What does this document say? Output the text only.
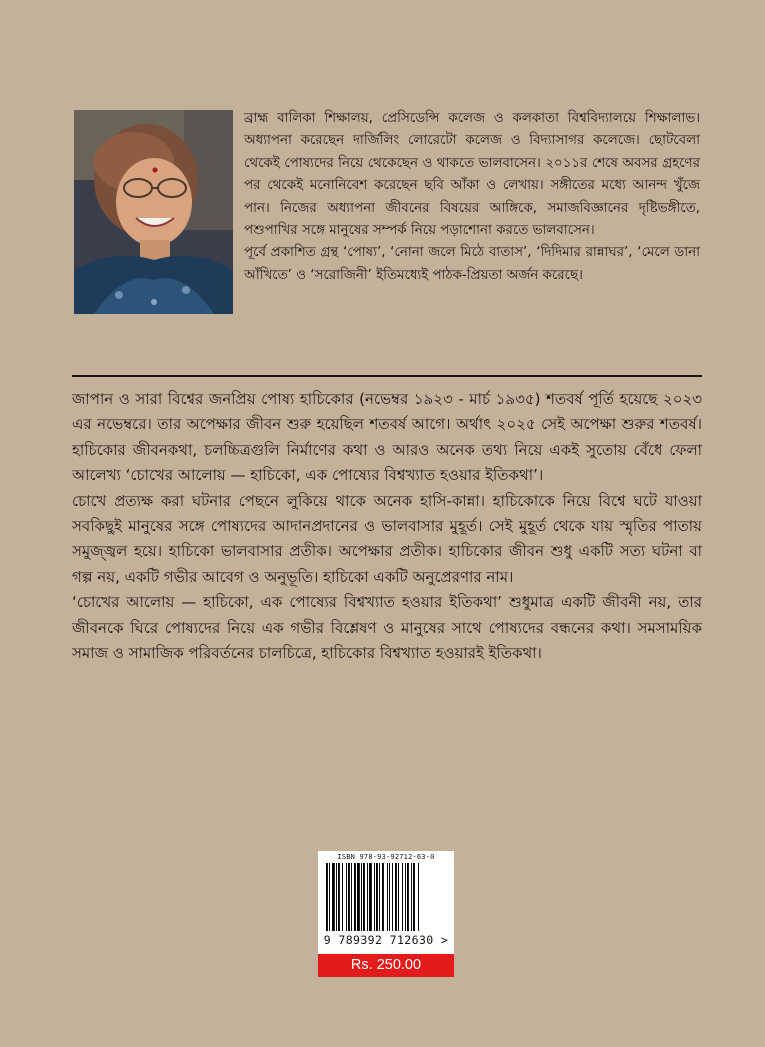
ব্রাহ্ম বালিকা শিক্ষালয়, প্রেসিডেন্সি কলেজ ও কলকাতা বিশ্ববিদ্যালয়ে শিক্ষালাভ। অধ্যাপনা করেছেন দার্জিলিং লোরেটো কলেজ ও বিদ্যাসাগর কলেজে। ছোটবেলা থেকেই পোষ্যদের নিয়ে থেকেছেন ও থাকতে ভালবাসেন। ২০১১র শেষে অবসর গ্রহণের পর থেকেই মনোনিবেশ করেছেন ছবি আঁকা ও লেখায়। সঙ্গীতের মধ্যে আনন্দ খুঁজে পান। নিজের অধ্যাপনা জীবনের বিষয়ের আঙ্গিকে, সমাজবিজ্ঞানের দৃষ্টিভঙ্গীতে, পশুপাখির সঙ্গে মানুষের সম্পর্ক নিয়ে পড়াশোনা করতে ভালবাসেন।

পূর্বে প্রকাশিত গ্রন্থ ‘পোষ্য’, ‘নোনা জলে মিঠে বাতাস’, ‘দিদিমার রান্নাঘর’, ‘মেলে ডানা আঁখিতে’ ও ‘সরোজিনী’ ইতিমধ্যেই পাঠক-প্রিয়তা অর্জন করেছে।

জাপান ও সারা বিশ্বের জনপ্রিয় পোষ্য হাচিকোর (নভেম্বর ১৯২৩ - মার্চ ১৯৩৫) শতবর্ষ পূর্তি হয়েছে ২০২৩ এর নভেম্বরে। তার অপেক্ষার জীবন শুরু হয়েছিল শতবর্ষ আগে। অর্থাৎ ২০২৫ সেই অপেক্ষা শুরুর শতবর্ষ। হাচিকোর জীবনকথা, চলচ্চিত্রগুলি নির্মাণের কথা ও আরও অনেক তথ্য নিয়ে একই সুতোয় বেঁধে ফেলা আলেখ্য ‘চোখের আলোয় — হাচিকো, এক পোষ্যের বিশ্বখ্যাত হওয়ার ইতিকথা’।

চোখে প্রত্যক্ষ করা ঘটনার পেছনে লুকিয়ে থাকে অনেক হাসি-কান্না। হাচিকোকে নিয়ে বিশ্বে ঘটে যাওয়া সবকিছুই মানুষের সঙ্গে পোষ্যদের আদানপ্রদানের ও ভালবাসার মুহূর্ত। সেই মুহূর্ত থেকে যায় স্মৃতির পাতায় সমুজ্জ্বল হয়ে। হাচিকো ভালবাসার প্রতীক। অপেক্ষার প্রতীক। হাচিকোর জীবন শুধু একটি সত্য ঘটনা বা গল্প নয়, একটি গভীর আবেগ ও অনুভূতি। হাচিকো একটি অনুপ্রেরণার নাম।

‘চোখের আলোয় — হাচিকো, এক পোষ্যের বিশ্বখ্যাত হওয়ার ইতিকথা’ শুধুমাত্র একটি জীবনী নয়, তার জীবনকে ঘিরে পোষ্যদের নিয়ে এক গভীর বিশ্লেষণ ও মানুষের সাথে পোষ্যদের বন্ধনের কথা। সমসাময়িক সমাজ ও সামাজিক পরিবর্তনের চালচিত্রে, হাচিকোর বিশ্বখ্যাত হওয়ারই ইতিকথা।

ISBN 978-93-92712-63-0
9 789392 712630 >
Rs. 250.00
